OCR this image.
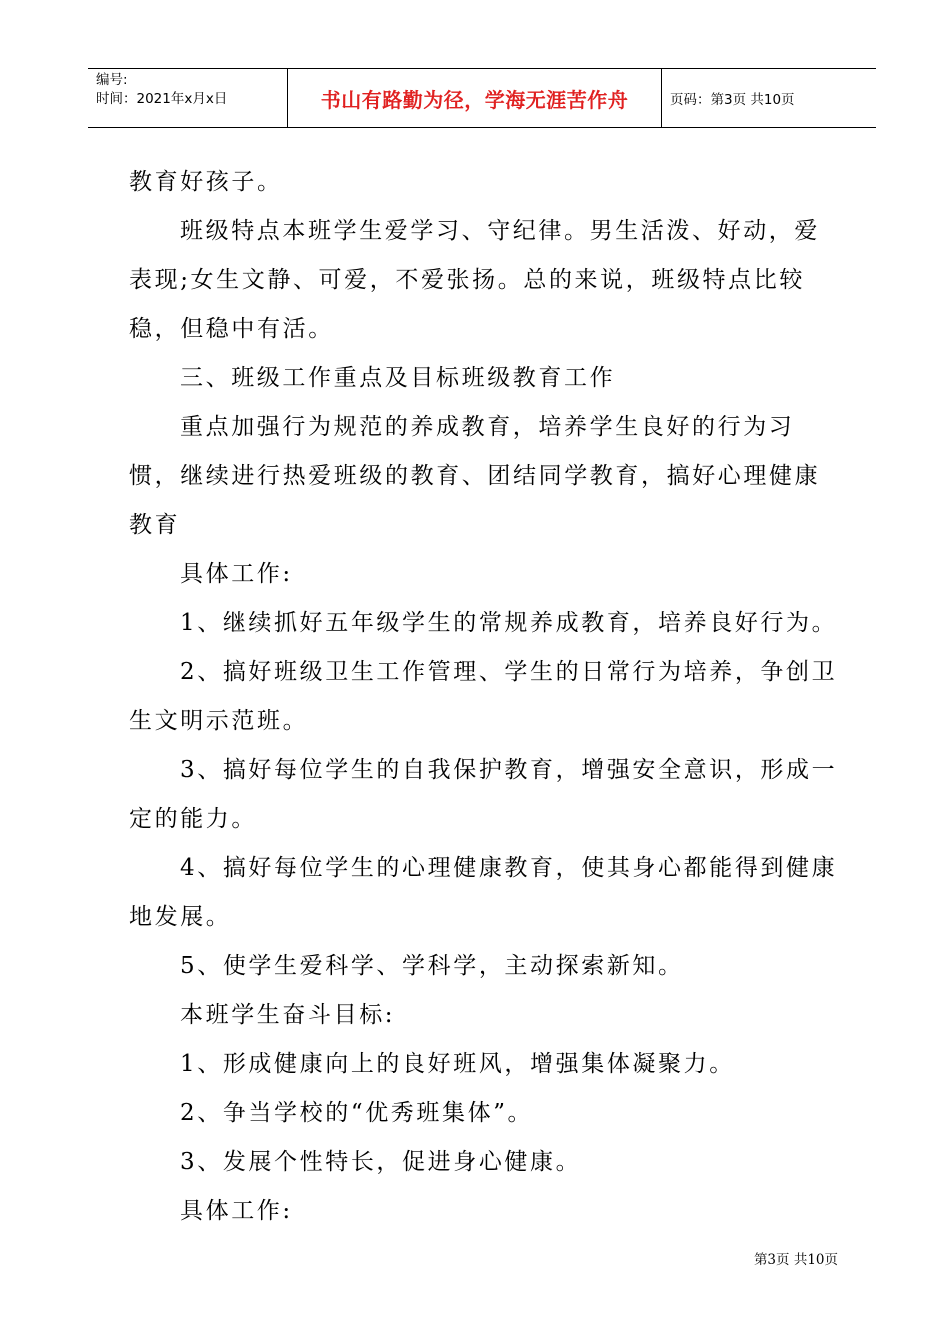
编号:
时间：2021年x月x日	书山有路勤为径，学海无涯苦作舟	页码：第3页 共10页

教育好孩子。

班级特点本班学生爱学习、守纪律。男生活泼、好动，爱表现;女生文静、可爱，不爱张扬。总的来说，班级特点比较稳，但稳中有活。

三、班级工作重点及目标班级教育工作

重点加强行为规范的养成教育，培养学生良好的行为习惯，继续进行热爱班级的教育、团结同学教育，搞好心理健康教育

具体工作:

1、继续抓好五年级学生的常规养成教育，培养良好行为。

2、搞好班级卫生工作管理、学生的日常行为培养，争创卫生文明示范班。

3、搞好每位学生的自我保护教育，增强安全意识，形成一定的能力。

4、搞好每位学生的心理健康教育，使其身心都能得到健康地发展。

5、使学生爱科学、学科学，主动探索新知。

本班学生奋斗目标:

1、形成健康向上的良好班风，增强集体凝聚力。

2、争当学校的“优秀班集体”。

3、发展个性特长，促进身心健康。

具体工作:

第3页 共10页
